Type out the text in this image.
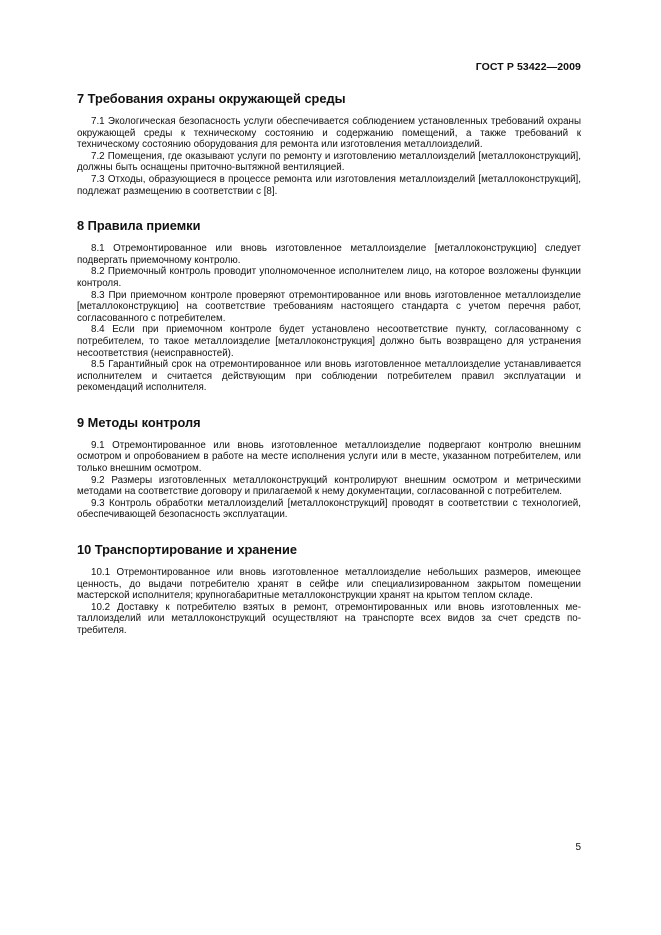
ГОСТ Р 53422—2009
7 Требования охраны окружающей среды

7.1 Экологическая безопасность услуги обеспечивается соблюдением установленных требований охраны окружающей среды к техническому состоянию и содержанию помещений, а также требований к техническому состоянию оборудования для ремонта или изготовления металлоизделий.

7.2 Помещения, где оказывают услуги по ремонту и изготовлению металлоизделий [металлоконструкций], должны быть оснащены приточно-вытяжной вентиляцией.

7.3 Отходы, образующиеся в процессе ремонта или изготовления металлоизделий [металлоконструкций], подлежат размещению в соответствии с [8].

8 Правила приемки

8.1 Отремонтированное или вновь изготовленное металлоизделие [металлоконструкцию] следует подвергать приемочному контролю.

8.2 Приемочный контроль проводит уполномоченное исполнителем лицо, на которое возложены функции контроля.

8.3 При приемочном контроле проверяют отремонтированное или вновь изготовленное металлоизделие [металлоконструкцию] на соответствие требованиям настоящего стандарта с учетом перечня работ, согласованного с потребителем.

8.4 Если при приемочном контроле будет установлено несоответствие пункту, согласованному с потребителем, то такое металлоизделие [металлоконструкция] должно быть возвращено для устранения несоответствия (неисправностей).

8.5 Гарантийный срок на отремонтированное или вновь изготовленное металлоизделие устанавливается исполнителем и считается действующим при соблюдении потребителем правил эксплуатации и рекомендаций исполнителя.

9 Методы контроля

9.1 Отремонтированное или вновь изготовленное металлоизделие подвергают контролю внешним осмотром и опробованием в работе на месте исполнения услуги или в месте, указанном потребителем, или только внешним осмотром.

9.2 Размеры изготовленных металлоконструкций контролируют внешним осмотром и метрическими методами на соответствие договору и прилагаемой к нему документации, согласованной с потребителем.

9.3 Контроль обработки металлоизделий [металлоконструкций] проводят в соответствии с технологией, обеспечивающей безопасность эксплуатации.

10 Транспортирование и хранение

10.1 Отремонтированное или вновь изготовленное металлоизделие небольших размеров, имеющее ценность, до выдачи потребителю хранят в сейфе или специализированном закрытом помещении мастерской исполнителя; крупногабаритные металлоконструкции хранят на крытом теплом складе.

10.2 Доставку к потребителю взятых в ремонт, отремонтированных или вновь изготовленных металлоизделий или металлоконструкций осуществляют на транспорте всех видов за счет средств потребителя.

5
